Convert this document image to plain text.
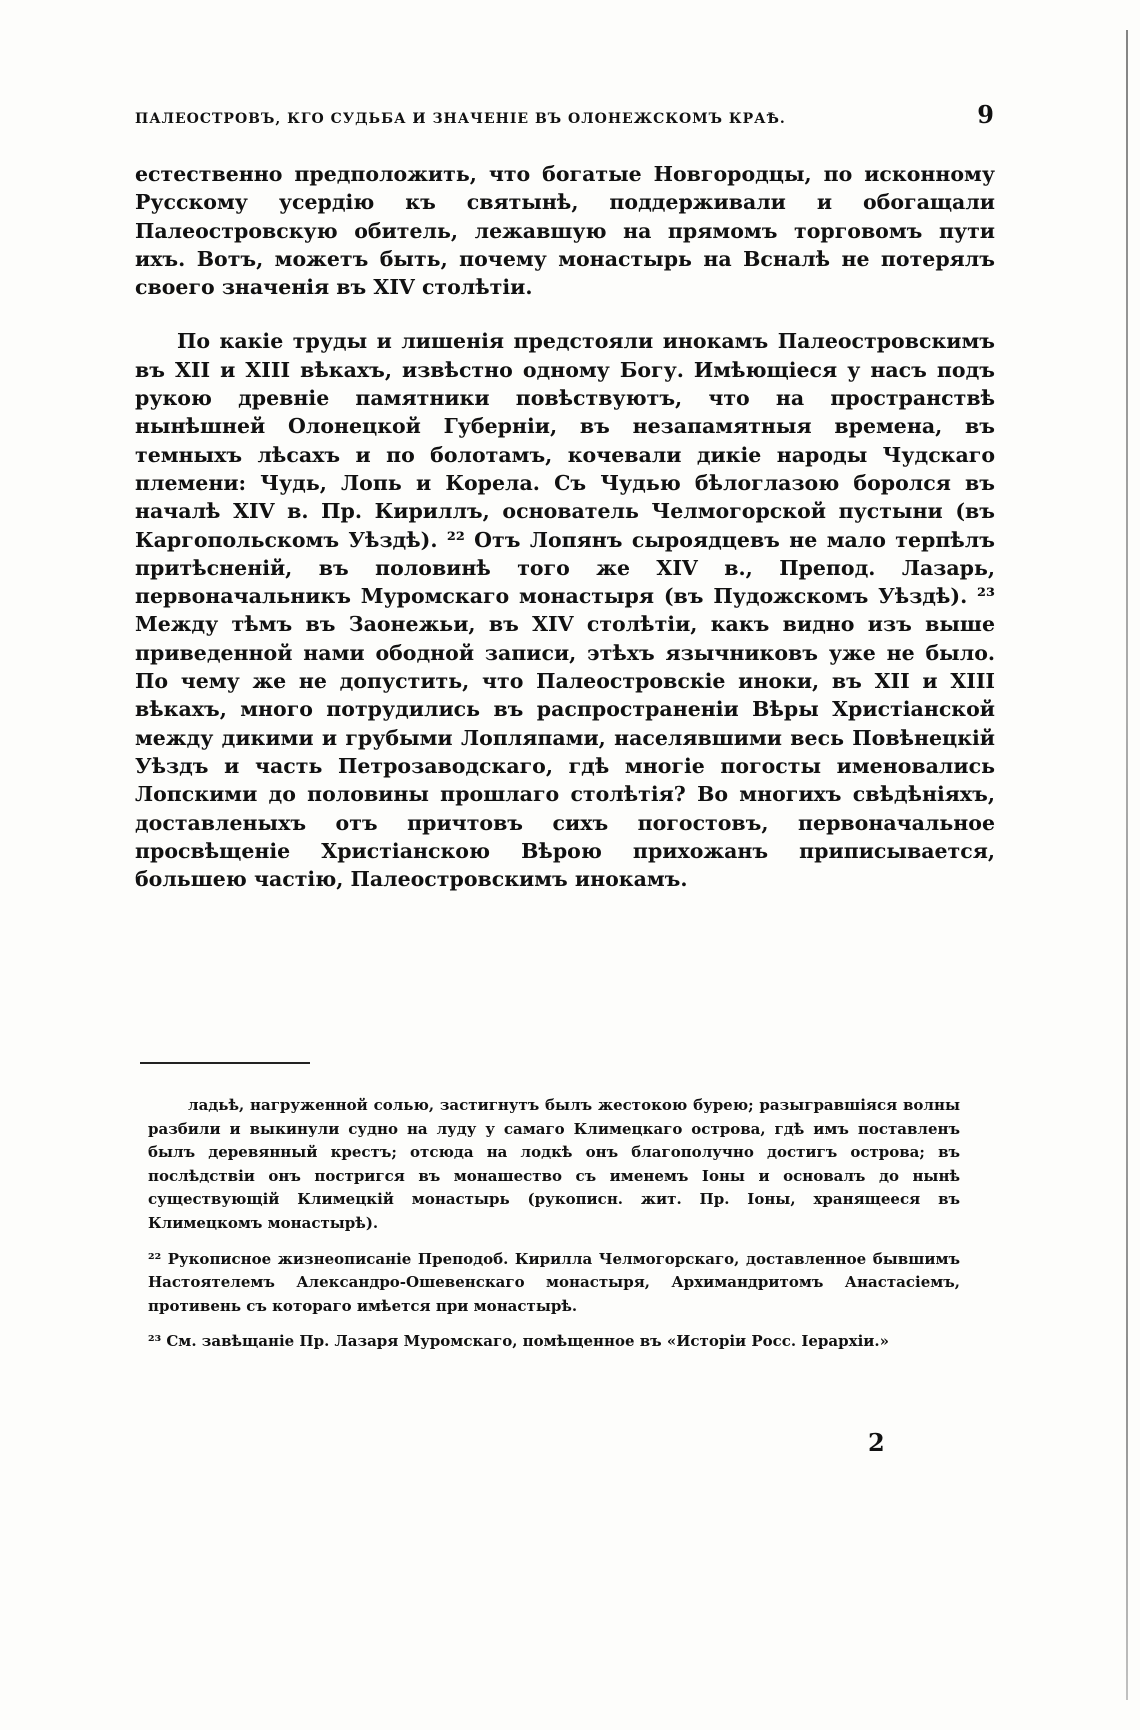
ПАЛЕОСТРОВЪ, КГО СУДЬБА И ЗНАЧЕНІЕ ВЪ ОЛОНЕЖСКОМЪ КРАѢ.	9

естественно предположить, что богатые Новгородцы, по исконному Русскому усердію къ святынѣ, поддерживали и обогащали Палеостровскую обитель, лежавшую на прямомъ торговомъ пути ихъ. Вотъ, можетъ быть, почему монастырь на Всналѣ не потерялъ своего значенія въ XIV столѣтіи.

По какіе труды и лишенія предстояли инокамъ Палеостровскимъ въ XII и XIII вѣкахъ, извѣстно одному Богу. Имѣющіеся у насъ подъ рукою древніе памятники повѣствуютъ, что на пространствѣ нынѣшней Олонецкой Губерніи, въ незапамятныя времена, въ темныхъ лѣсахъ и по болотамъ, кочевали дикіе народы Чудскаго племени: Чудь, Лопь и Корела. Съ Чудью бѣлоглазою боролся въ началѣ XIV в. Пр. Кириллъ, основатель Челмогорской пустыни (въ Каргопольскомъ Уѣздѣ). ²² Отъ Лопянъ сыроядцевъ не мало терпѣлъ притѣсненій, въ половинѣ того же XIV в., Препод. Лазарь, первоначальникъ Муромскаго монастыря (въ Пудожскомъ Уѣздѣ). ²³ Между тѣмъ въ Заонежьи, въ XIV столѣтіи, какъ видно изъ выше приведенной нами ободной записи, этѣхъ язычниковъ уже не было. По чему же не допустить, что Палеостровскіе иноки, въ XII и XIII вѣкахъ, много потрудились въ распространеніи Вѣры Христіанской между дикими и грубыми Лопляпами, населявшими весь Повѣнецкій Уѣздъ и часть Петрозаводскаго, гдѣ многіе погосты именовались Лопскими до половины прошлаго столѣтія? Во многихъ свѣдѣніяхъ, доставленыхъ отъ причтовъ сихъ погостовъ, первоначальное просвѣщеніе Христіанскою Вѣрою прихожанъ приписывается, большею частію, Палеостровскимъ инокамъ.

ладьѣ, нагруженной солью, застигнутъ былъ жестокою бурею; разыгравшіяся волны разбили и выкинули судно на луду у самаго Климецкаго острова, гдѣ имъ поставленъ былъ деревянный крестъ; отсюда на лодкѣ онъ благополучно достигъ острова; въ послѣдствіи онъ постригся въ монашество съ именемъ Іоны и основалъ до нынѣ существующій Климецкій монастырь (рукописн. жит. Пр. Іоны, хранящееся въ Климецкомъ монастырѣ).

²² Рукописное жизнеописаніе Преподоб. Кирилла Челмогорскаго, доставленное бывшимъ Настоятелемъ Александро-Ошевенскаго монастыря, Архимандритомъ Анастасіемъ, противень съ котораго имѣется при монастырѣ.

²³ См. завѣщаніе Пр. Лазаря Муромскаго, помѣщенное въ «Исторіи Росс. Іерархіи.»

2
